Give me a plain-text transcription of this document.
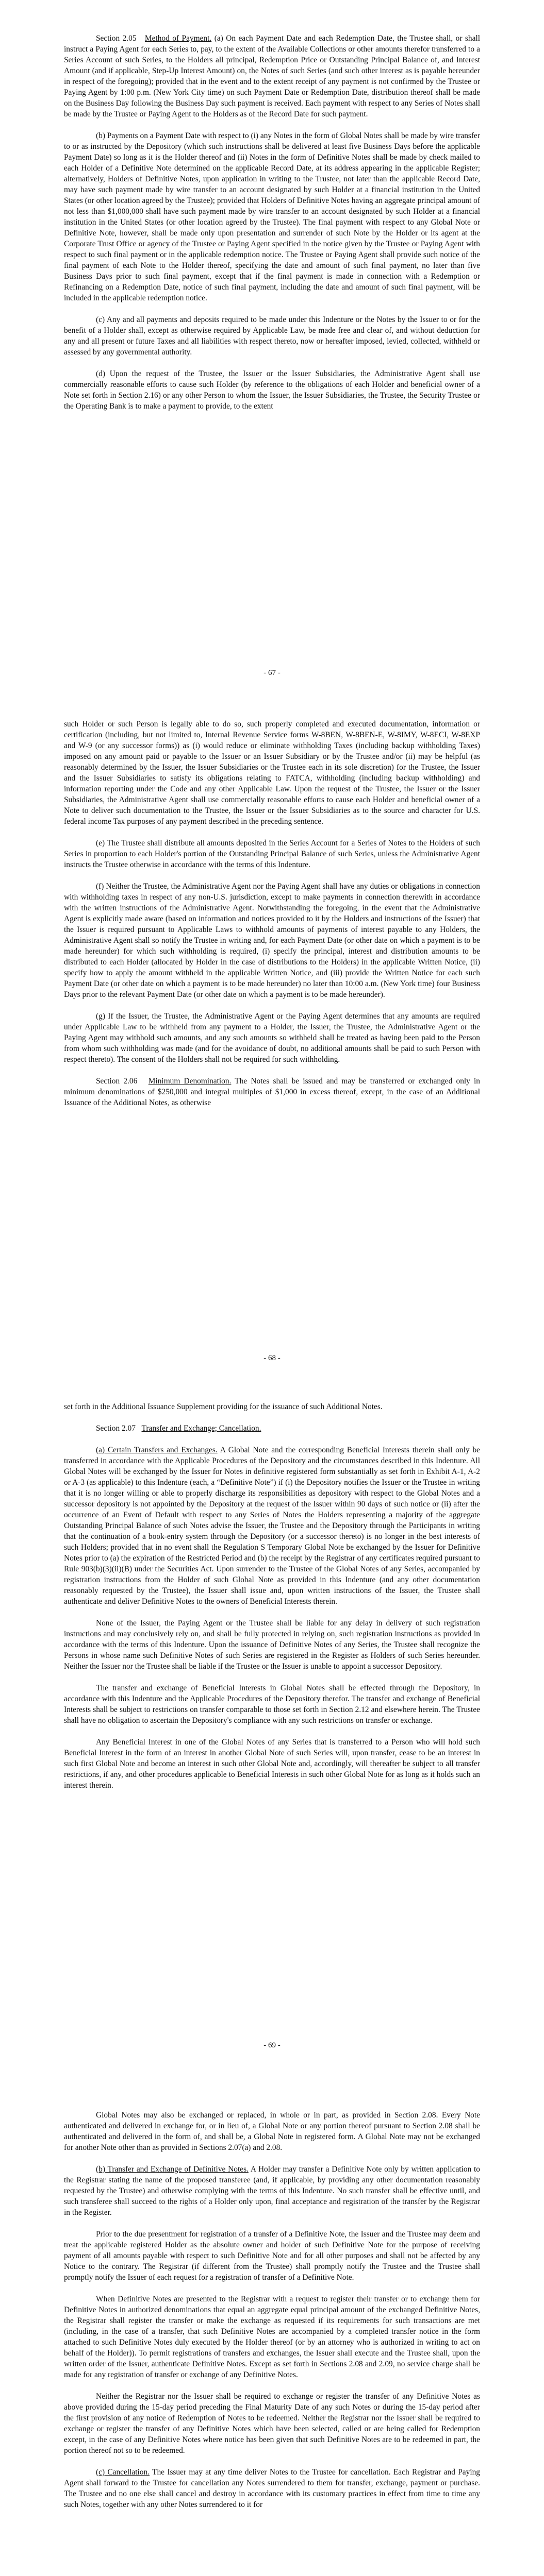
Section 2.05 Method of Payment. (a) On each Payment Date and each Redemption Date, the Trustee shall, or shall instruct a Paying Agent for each Series to, pay, to the extent of the Available Collections or other amounts therefor transferred to a Series Account of such Series, to the Holders all principal, Redemption Price or Outstanding Principal Balance of, and Interest Amount (and if applicable, Step-Up Interest Amount) on, the Notes of such Series (and such other interest as is payable hereunder in respect of the foregoing); provided that in the event and to the extent receipt of any payment is not confirmed by the Trustee or Paying Agent by 1:00 p.m. (New York City time) on such Payment Date or Redemption Date, distribution thereof shall be made on the Business Day following the Business Day such payment is received. Each payment with respect to any Series of Notes shall be made by the Trustee or Paying Agent to the Holders as of the Record Date for such payment.

(b) Payments on a Payment Date with respect to (i) any Notes in the form of Global Notes shall be made by wire transfer to or as instructed by the Depository (which such instructions shall be delivered at least five Business Days before the applicable Payment Date) so long as it is the Holder thereof and (ii) Notes in the form of Definitive Notes shall be made by check mailed to each Holder of a Definitive Note determined on the applicable Record Date, at its address appearing in the applicable Register; alternatively, Holders of Definitive Notes, upon application in writing to the Trustee, not later than the applicable Record Date, may have such payment made by wire transfer to an account designated by such Holder at a financial institution in the United States (or other location agreed by the Trustee); provided that Holders of Definitive Notes having an aggregate principal amount of not less than $1,000,000 shall have such payment made by wire transfer to an account designated by such Holder at a financial institution in the United States (or other location agreed by the Trustee). The final payment with respect to any Global Note or Definitive Note, however, shall be made only upon presentation and surrender of such Note by the Holder or its agent at the Corporate Trust Office or agency of the Trustee or Paying Agent specified in the notice given by the Trustee or Paying Agent with respect to such final payment or in the applicable redemption notice. The Trustee or Paying Agent shall provide such notice of the final payment of each Note to the Holder thereof, specifying the date and amount of such final payment, no later than five Business Days prior to such final payment, except that if the final payment is made in connection with a Redemption or Refinancing on a Redemption Date, notice of such final payment, including the date and amount of such final payment, will be included in the applicable redemption notice.

(c) Any and all payments and deposits required to be made under this Indenture or the Notes by the Issuer to or for the benefit of a Holder shall, except as otherwise required by Applicable Law, be made free and clear of, and without deduction for any and all present or future Taxes and all liabilities with respect thereto, now or hereafter imposed, levied, collected, withheld or assessed by any governmental authority.

(d) Upon the request of the Trustee, the Issuer or the Issuer Subsidiaries, the Administrative Agent shall use commercially reasonable efforts to cause such Holder (by reference to the obligations of each Holder and beneficial owner of a Note set forth in Section 2.16) or any other Person to whom the Issuer, the Issuer Subsidiaries, the Trustee, the Security Trustee or the Operating Bank is to make a payment to provide, to the extent

- 67 -

such Holder or such Person is legally able to do so, such properly completed and executed documentation, information or certification (including, but not limited to, Internal Revenue Service forms W-8BEN, W-8BEN-E, W-8IMY, W-8ECI, W-8EXP and W-9 (or any successor forms)) as (i) would reduce or eliminate withholding Taxes (including backup withholding Taxes) imposed on any amount paid or payable to the Issuer or an Issuer Subsidiary or by the Trustee and/or (ii) may be helpful (as reasonably determined by the Issuer, the Issuer Subsidiaries or the Trustee each in its sole discretion) for the Trustee, the Issuer and the Issuer Subsidiaries to satisfy its obligations relating to FATCA, withholding (including backup withholding) and information reporting under the Code and any other Applicable Law. Upon the request of the Trustee, the Issuer or the Issuer Subsidiaries, the Administrative Agent shall use commercially reasonable efforts to cause each Holder and beneficial owner of a Note to deliver such documentation to the Trustee, the Issuer or the Issuer Subsidiaries as to the source and character for U.S. federal income Tax purposes of any payment described in the preceding sentence.

(e) The Trustee shall distribute all amounts deposited in the Series Account for a Series of Notes to the Holders of such Series in proportion to each Holder's portion of the Outstanding Principal Balance of such Series, unless the Administrative Agent instructs the Trustee otherwise in accordance with the terms of this Indenture.

(f) Neither the Trustee, the Administrative Agent nor the Paying Agent shall have any duties or obligations in connection with withholding taxes in respect of any non-U.S. jurisdiction, except to make payments in connection therewith in accordance with the written instructions of the Administrative Agent. Notwithstanding the foregoing, in the event that the Administrative Agent is explicitly made aware (based on information and notices provided to it by the Holders and instructions of the Issuer) that the Issuer is required pursuant to Applicable Laws to withhold amounts of payments of interest payable to any Holders, the Administrative Agent shall so notify the Trustee in writing and, for each Payment Date (or other date on which a payment is to be made hereunder) for which such withholding is required, (i) specify the principal, interest and distribution amounts to be distributed to each Holder (allocated by Holder in the case of distributions to the Holders) in the applicable Written Notice, (ii) specify how to apply the amount withheld in the applicable Written Notice, and (iii) provide the Written Notice for each such Payment Date (or other date on which a payment is to be made hereunder) no later than 10:00 a.m. (New York time) four Business Days prior to the relevant Payment Date (or other date on which a payment is to be made hereunder).

(g) If the Issuer, the Trustee, the Administrative Agent or the Paying Agent determines that any amounts are required under Applicable Law to be withheld from any payment to a Holder, the Issuer, the Trustee, the Administrative Agent or the Paying Agent may withhold such amounts, and any such amounts so withheld shall be treated as having been paid to the Person from whom such withholding was made (and for the avoidance of doubt, no additional amounts shall be paid to such Person with respect thereto). The consent of the Holders shall not be required for such withholding.

Section 2.06 Minimum Denomination. The Notes shall be issued and may be transferred or exchanged only in minimum denominations of $250,000 and integral multiples of $1,000 in excess thereof, except, in the case of an Additional Issuance of the Additional Notes, as otherwise

- 68 -

set forth in the Additional Issuance Supplement providing for the issuance of such Additional Notes.

Section 2.07 Transfer and Exchange; Cancellation.

(a) Certain Transfers and Exchanges. A Global Note and the corresponding Beneficial Interests therein shall only be transferred in accordance with the Applicable Procedures of the Depository and the circumstances described in this Indenture. All Global Notes will be exchanged by the Issuer for Notes in definitive registered form substantially as set forth in Exhibit A-1, A-2 or A-3 (as applicable) to this Indenture (each, a “Definitive Note”) if (i) the Depository notifies the Issuer or the Trustee in writing that it is no longer willing or able to properly discharge its responsibilities as depository with respect to the Global Notes and a successor depository is not appointed by the Depository at the request of the Issuer within 90 days of such notice or (ii) after the occurrence of an Event of Default with respect to any Series of Notes the Holders representing a majority of the aggregate Outstanding Principal Balance of such Notes advise the Issuer, the Trustee and the Depository through the Participants in writing that the continuation of a book-entry system through the Depository (or a successor thereto) is no longer in the best interests of such Holders; provided that in no event shall the Regulation S Temporary Global Note be exchanged by the Issuer for Definitive Notes prior to (a) the expiration of the Restricted Period and (b) the receipt by the Registrar of any certificates required pursuant to Rule 903(b)(3)(ii)(B) under the Securities Act. Upon surrender to the Trustee of the Global Notes of any Series, accompanied by registration instructions from the Holder of such Global Note as provided in this Indenture (and any other documentation reasonably requested by the Trustee), the Issuer shall issue and, upon written instructions of the Issuer, the Trustee shall authenticate and deliver Definitive Notes to the owners of Beneficial Interests therein.

None of the Issuer, the Paying Agent or the Trustee shall be liable for any delay in delivery of such registration instructions and may conclusively rely on, and shall be fully protected in relying on, such registration instructions as provided in accordance with the terms of this Indenture. Upon the issuance of Definitive Notes of any Series, the Trustee shall recognize the Persons in whose name such Definitive Notes of such Series are registered in the Register as Holders of such Series hereunder. Neither the Issuer nor the Trustee shall be liable if the Trustee or the Issuer is unable to appoint a successor Depository.

The transfer and exchange of Beneficial Interests in Global Notes shall be effected through the Depository, in accordance with this Indenture and the Applicable Procedures of the Depository therefor. The transfer and exchange of Beneficial Interests shall be subject to restrictions on transfer comparable to those set forth in Section 2.12 and elsewhere herein. The Trustee shall have no obligation to ascertain the Depository's compliance with any such restrictions on transfer or exchange.

Any Beneficial Interest in one of the Global Notes of any Series that is transferred to a Person who will hold such Beneficial Interest in the form of an interest in another Global Note of such Series will, upon transfer, cease to be an interest in such first Global Note and become an interest in such other Global Note and, accordingly, will thereafter be subject to all transfer restrictions, if any, and other procedures applicable to Beneficial Interests in such other Global Note for as long as it holds such an interest therein.

- 69 -

Global Notes may also be exchanged or replaced, in whole or in part, as provided in Section 2.08. Every Note authenticated and delivered in exchange for, or in lieu of, a Global Note or any portion thereof pursuant to Section 2.08 shall be authenticated and delivered in the form of, and shall be, a Global Note in registered form. A Global Note may not be exchanged for another Note other than as provided in Sections 2.07(a) and 2.08.

(b) Transfer and Exchange of Definitive Notes. A Holder may transfer a Definitive Note only by written application to the Registrar stating the name of the proposed transferee (and, if applicable, by providing any other documentation reasonably requested by the Trustee) and otherwise complying with the terms of this Indenture. No such transfer shall be effective until, and such transferee shall succeed to the rights of a Holder only upon, final acceptance and registration of the transfer by the Registrar in the Register.

Prior to the due presentment for registration of a transfer of a Definitive Note, the Issuer and the Trustee may deem and treat the applicable registered Holder as the absolute owner and holder of such Definitive Note for the purpose of receiving payment of all amounts payable with respect to such Definitive Note and for all other purposes and shall not be affected by any Notice to the contrary. The Registrar (if different from the Trustee) shall promptly notify the Trustee and the Trustee shall promptly notify the Issuer of each request for a registration of transfer of a Definitive Note.

When Definitive Notes are presented to the Registrar with a request to register their transfer or to exchange them for Definitive Notes in authorized denominations that equal an aggregate equal principal amount of the exchanged Definitive Notes, the Registrar shall register the transfer or make the exchange as requested if its requirements for such transactions are met (including, in the case of a transfer, that such Definitive Notes are accompanied by a completed transfer notice in the form attached to such Definitive Notes duly executed by the Holder thereof (or by an attorney who is authorized in writing to act on behalf of the Holder)). To permit registrations of transfers and exchanges, the Issuer shall execute and the Trustee shall, upon the written order of the Issuer, authenticate Definitive Notes. Except as set forth in Sections 2.08 and 2.09, no service charge shall be made for any registration of transfer or exchange of any Definitive Notes.

Neither the Registrar nor the Issuer shall be required to exchange or register the transfer of any Definitive Notes as above provided during the 15-day period preceding the Final Maturity Date of any such Notes or during the 15-day period after the first provision of any notice of Redemption of Notes to be redeemed. Neither the Registrar nor the Issuer shall be required to exchange or register the transfer of any Definitive Notes which have been selected, called or are being called for Redemption except, in the case of any Definitive Notes where notice has been given that such Definitive Notes are to be redeemed in part, the portion thereof not so to be redeemed.

(c) Cancellation. The Issuer may at any time deliver Notes to the Trustee for cancellation. Each Registrar and Paying Agent shall forward to the Trustee for cancellation any Notes surrendered to them for transfer, exchange, payment or purchase. The Trustee and no one else shall cancel and destroy in accordance with its customary practices in effect from time to time any such Notes, together with any other Notes surrendered to it for
